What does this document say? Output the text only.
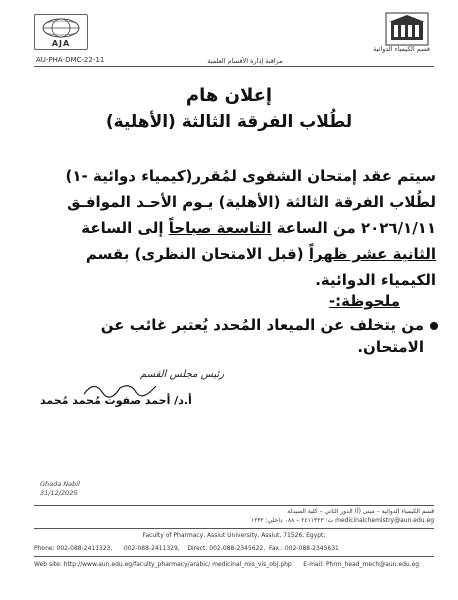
AJA
قسم الكيمياء الدوائية
AU-PHA-DMC-22-11	مراقبة إدارة الأقسام العلمية
إعلان هام
لطُلاب الفرقة الثالثة (الأهلية)
سيتم عقد إمتحان الشفوى لمُقرر(كيمياء دوائية -١)
لطُلاب الفرقة الثالثة (الأهلية) يـوم الأحـد الموافـق
٢٠٢٦/١/١١ من الساعة التاسعة صباحاً إلى الساعة
الثانية عشر ظهراً (قبل الامتحان النظرى) بقسم
الكيمياء الدوائية.
ملحوظة:-
من يتخلف عن الميعاد المُحدد يُعتبر غائب عن الامتحان.
رئيس مجلس القسم
أ.د/ أحمد صفوت مُحمد مُحمد
Ghada Nabil
31/12/2025
قسم الكيمياء الدوائية – مبنى (أ) الدور الثاني – كلية الصيدلة
medicinalchemistry@aun.edu.eg ت: ٢٤١١٣٢٣ – ٠٨٨ داخلي: ١٢٣٢
Faculty of Pharmacy, Assiut University, Assiut, 71526, Egypt;
Phone: 002-088-2411323, 002-088-2411329, Direct: 002-088-2345622, Fax.: 002-088-2345631
Web site: http://www.aun.edu.eg/faculty_pharmacy/arabic/ medicinal_mis_vis_obj.php E-mail: Phrm_head_mech@aun.edu.eg
